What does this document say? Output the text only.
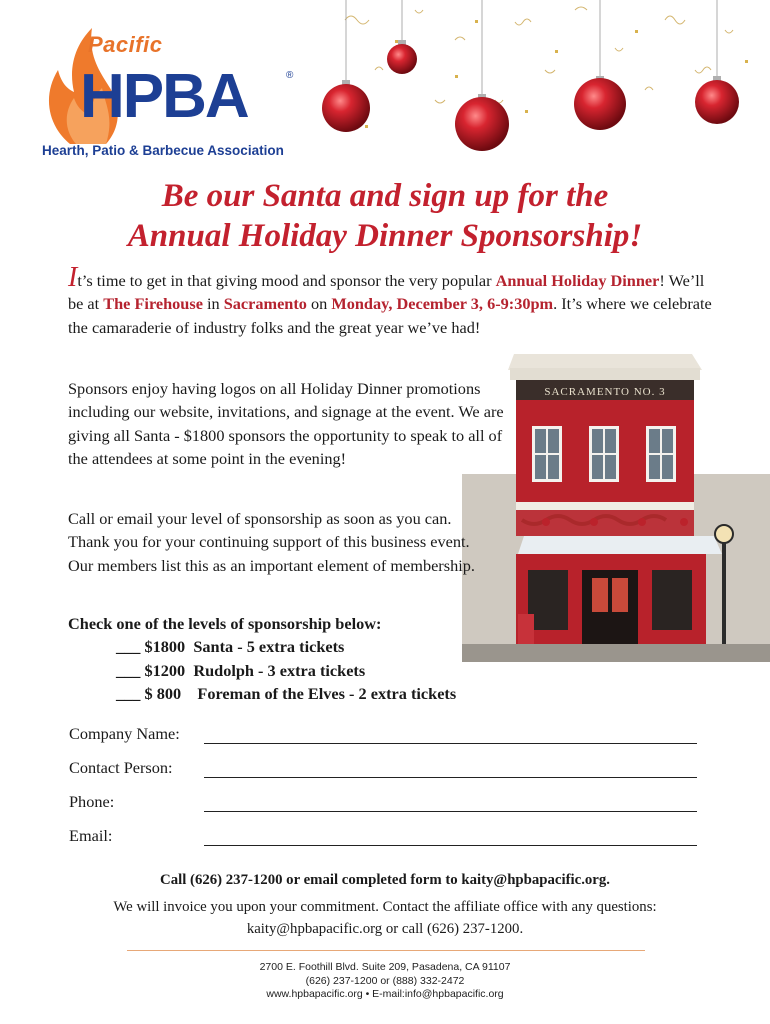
Pacific
HPBA	®
Hearth, Patio & Barbecue Association
Be our Santa and sign up for the
Annual Holiday Dinner Sponsorship!
It’s time to get in that giving mood and sponsor the very popular Annual Holiday Dinner! We’ll be at The Firehouse in Sacramento on Monday, December 3, 6-9:30pm. It’s where we celebrate the camaraderie of industry folks and the great year we’ve had!
SACRAMENTO NO. 3
Sponsors enjoy having logos on all Holiday Dinner promotions including our website, invitations, and signage at the event. We are giving all Santa - $1800 sponsors the opportunity to speak to all of the attendees at some point in the evening!
Call or email your level of sponsorship as soon as you can. Thank you for your continuing support of this business event. Our members list this as an important element of membership.
Check one of the levels of sponsorship below:
___ $1800  Santa - 5 extra tickets
___ $1200  Rudolph - 3 extra tickets
___ $ 800    Foreman of the Elves - 2 extra tickets
Company Name:
Contact Person:
Phone:
Email:
Call (626) 237-1200 or email completed form to kaity@hpbapacific.org.
We will invoice you upon your commitment. Contact the affiliate office with any questions:
kaity@hpbapacific.org or call (626) 237-1200.
2700 E. Foothill Blvd. Suite 209, Pasadena, CA 91107
(626) 237-1200 or (888) 332-2472
www.hpbapacific.org • E-mail:info@hpbapacific.org
